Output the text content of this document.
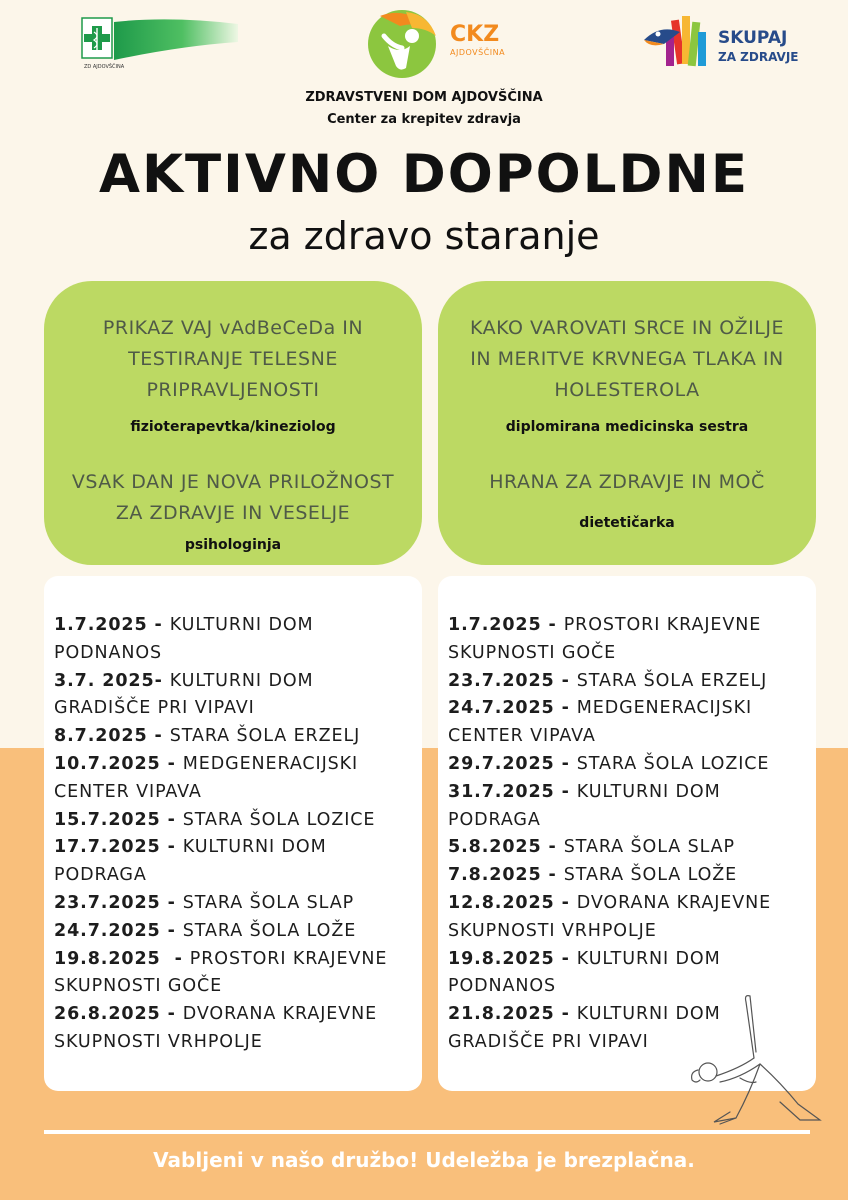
ZD AJDOVŠČINA
CKZ
AJDOVŠČINA
SKUPAJ
ZA ZDRAVJE
ZDRAVSTVENI DOM AJDOVŠČINA
Center za krepitev zdravja
AKTIVNO DOPOLDNE
za zdravo staranje
PRIKAZ VAJ vAdBeCeDa IN
TESTIRANJE TELESNE
PRIPRAVLJENOSTI
fizioterapevtka/kineziolog
VSAK DAN JE NOVA PRILOŽNOST
ZA ZDRAVJE IN VESELJE
psihologinja
KAKO VAROVATI SRCE IN OŽILJE
IN MERITVE KRVNEGA TLAKA IN
HOLESTEROLA
diplomirana medicinska sestra
HRANA ZA ZDRAVJE IN MOČ
dietetičarka
1.7.2025 - KULTURNI DOM
PODNANOS
3.7. 2025- KULTURNI DOM
GRADIŠČE PRI VIPAVI
8.7.2025 - STARA ŠOLA ERZELJ
10.7.2025 - MEDGENERACIJSKI
CENTER VIPAVA
15.7.2025 - STARA ŠOLA LOZICE
17.7.2025 - KULTURNI DOM
PODRAGA
23.7.2025 - STARA ŠOLA SLAP
24.7.2025 - STARA ŠOLA LOŽE
19.8.2025  - PROSTORI KRAJEVNE
SKUPNOSTI GOČE
26.8.2025 - DVORANA KRAJEVNE
SKUPNOSTI VRHPOLJE
1.7.2025 - PROSTORI KRAJEVNE
SKUPNOSTI GOČE
23.7.2025 - STARA ŠOLA ERZELJ
24.7.2025 - MEDGENERACIJSKI
CENTER VIPAVA
29.7.2025 - STARA ŠOLA LOZICE
31.7.2025 - KULTURNI DOM
PODRAGA
5.8.2025 - STARA ŠOLA SLAP
7.8.2025 - STARA ŠOLA LOŽE
12.8.2025 - DVORANA KRAJEVNE
SKUPNOSTI VRHPOLJE
19.8.2025 - KULTURNI DOM
PODNANOS
21.8.2025 - KULTURNI DOM
GRADIŠČE PRI VIPAVI
Vabljeni v našo družbo! Udeležba je brezplačna.
